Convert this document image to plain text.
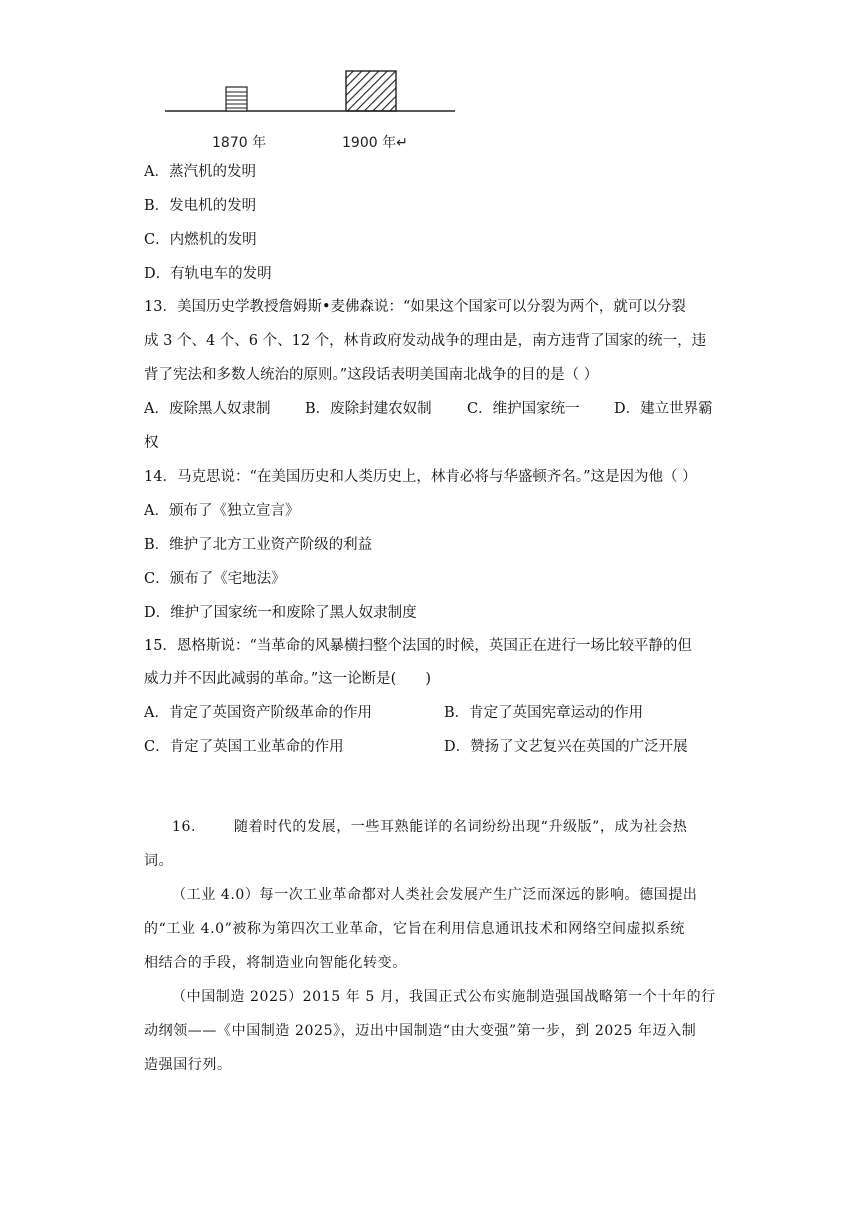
1870 年	1900 年↵
A．蒸汽机的发明
B．发电机的发明
C．内燃机的发明
D．有轨电车的发明
13．美国历史学教授詹姆斯•麦佛森说：“如果这个国家可以分裂为两个，就可以分裂
成 3 个、4 个、6 个、12 个，林肯政府发动战争的理由是，南方违背了国家的统一，违
背了宪法和多数人统治的原则。”这段话表明美国南北战争的目的是（ ）
A．废除黑人奴隶制 B．废除封建农奴制 C．维护国家统一 D．建立世界霸
权
14．马克思说：“在美国历史和人类历史上，林肯必将与华盛顿齐名。”这是因为他（ ）
A．颁布了《独立宣言》
B．维护了北方工业资产阶级的利益
C．颁布了《宅地法》
D．维护了国家统一和废除了黑人奴隶制度
15．恩格斯说：“当革命的风暴横扫整个法国的时候，英国正在进行一场比较平静的但
威力并不因此减弱的革命。”这一论断是(　　)
A．肯定了英国资产阶级革命的作用	B．肯定了英国宪章运动的作用
C．肯定了英国工业革命的作用	D．赞扬了文艺复兴在英国的广泛开展
16.	随着时代的发展，一些耳熟能详的名词纷纷出现“升级版”，成为社会热
词。
（工业 4.0）每一次工业革命都对人类社会发展产生广泛而深远的影响。德国提出
的“工业 4.0”被称为第四次工业革命，它旨在利用信息通讯技术和网络空间虚拟系统
相结合的手段，将制造业向智能化转变。
（中国制造 2025）2015 年 5 月，我国正式公布实施制造强国战略第一个十年的行
动纲领——《中国制造 2025》，迈出中国制造“由大变强”第一步，到 2025 年迈入制
造强国行列。
